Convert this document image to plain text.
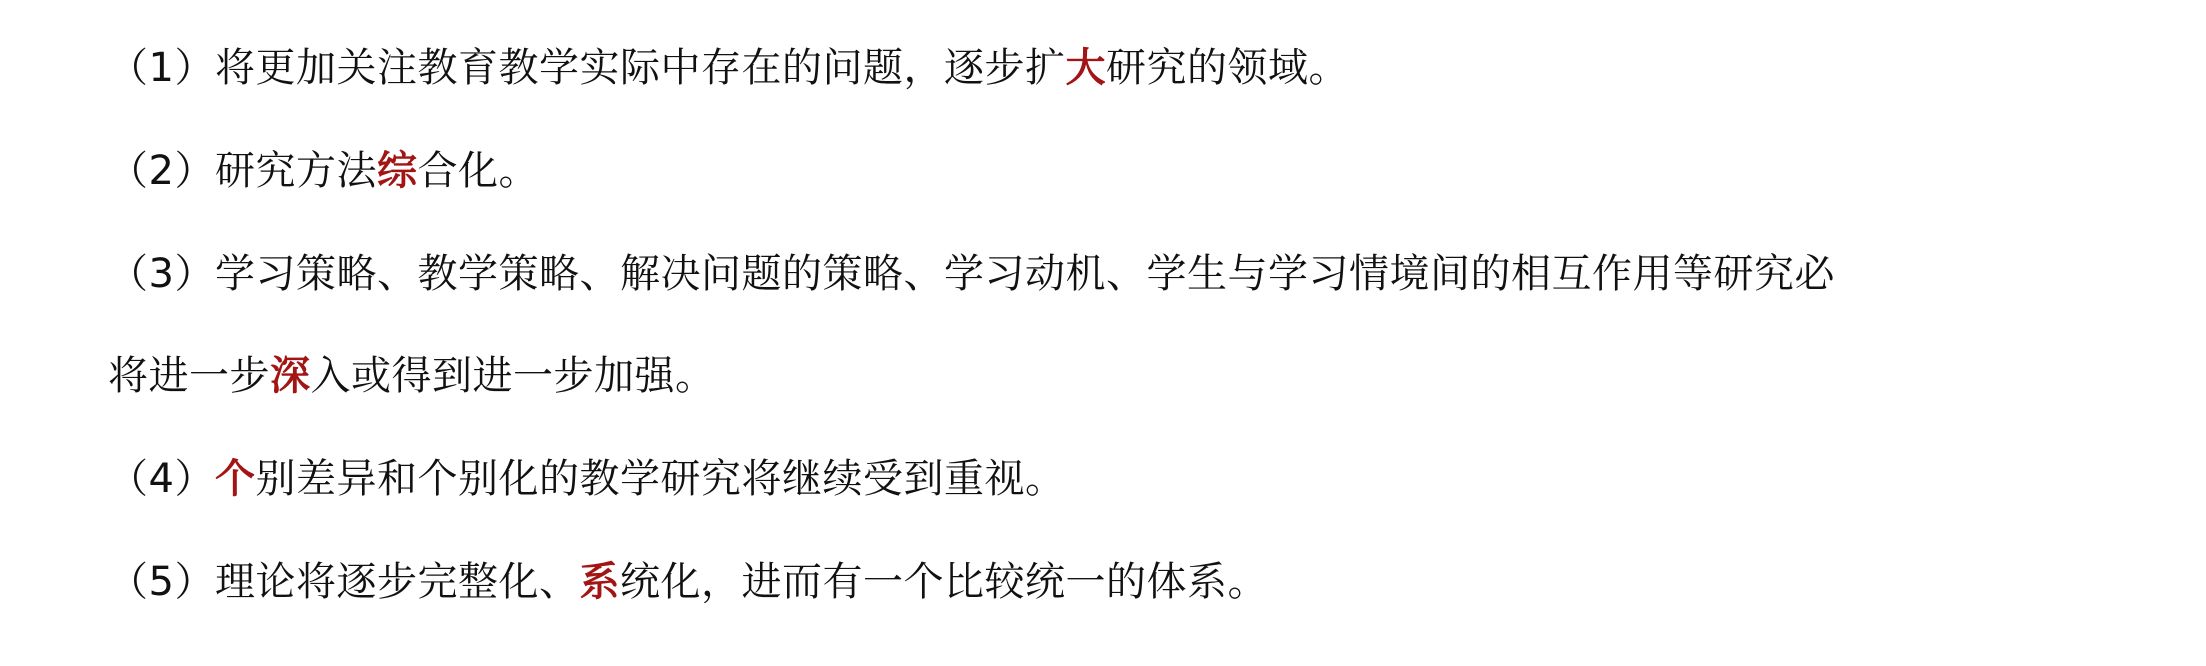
（1）将更加关注教育教学实际中存在的问题，逐步扩大研究的领域。
（2）研究方法综合化。
（3）学习策略、教学策略、解决问题的策略、学习动机、学生与学习情境间的相互作用等研究必
将进一步深入或得到进一步加强。
（4）个别差异和个别化的教学研究将继续受到重视。
（5）理论将逐步完整化、系统化，进而有一个比较统一的体系。
